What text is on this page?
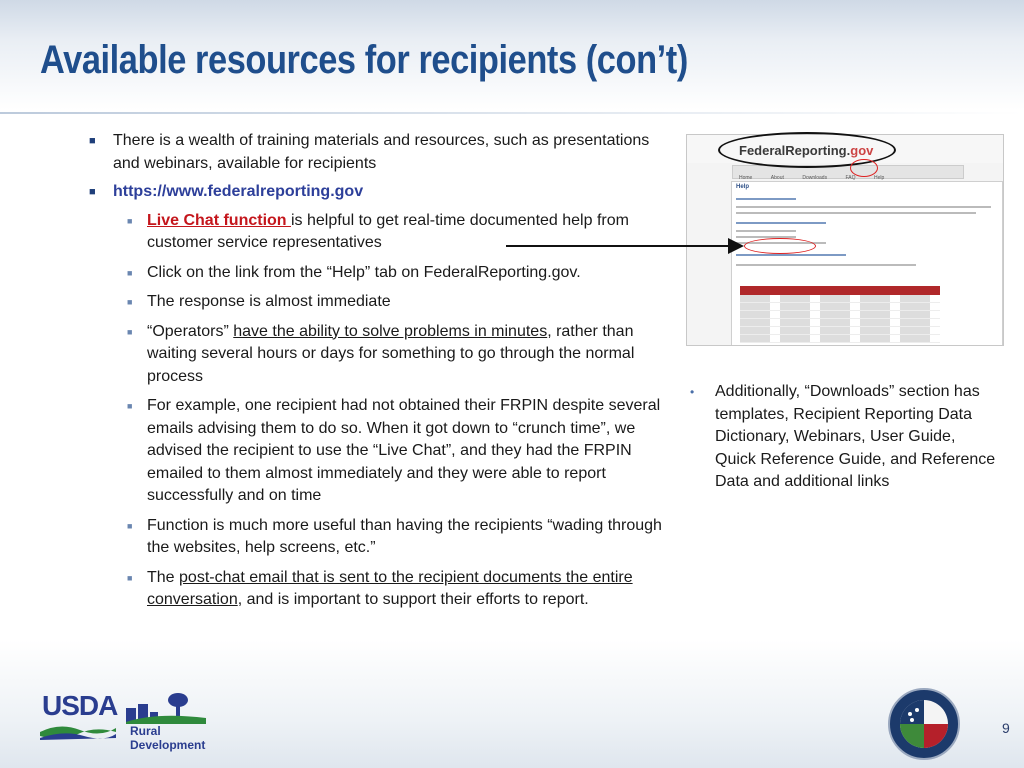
Available resources for recipients (con’t)
■ There is a wealth of training materials and resources, such as presentations and webinars, available for recipients
■ https://www.federalreporting.gov
■ Live Chat function is helpful to get real-time documented help from customer service representatives
■ Click on the link from the “Help” tab on FederalReporting.gov.
■ The response is almost immediate
■ “Operators” have the ability to solve problems in minutes, rather than waiting several hours or days for something to go through the normal process
■ For example, one recipient had not obtained their FRPIN despite several emails advising them to do so. When it got down to “crunch time”, we advised the recipient to use the “Live Chat”, and they had the FRPIN emailed to them almost immediately and they were able to report successfully and on time
■ Function is much more useful than having the recipients “wading through the websites, help screens, etc.”
■ The post-chat email that is sent to the recipient documents the entire conversation, and is important to support their efforts to report.
FederalReporting.gov
Home	About	Downloads	FAQ	Help
Help
•	Additionally, “Downloads” section has templates, Recipient Reporting Data Dictionary, Webinars, User Guide, Quick Reference Guide, and Reference Data and additional links
USDA
Rural
Development
9
